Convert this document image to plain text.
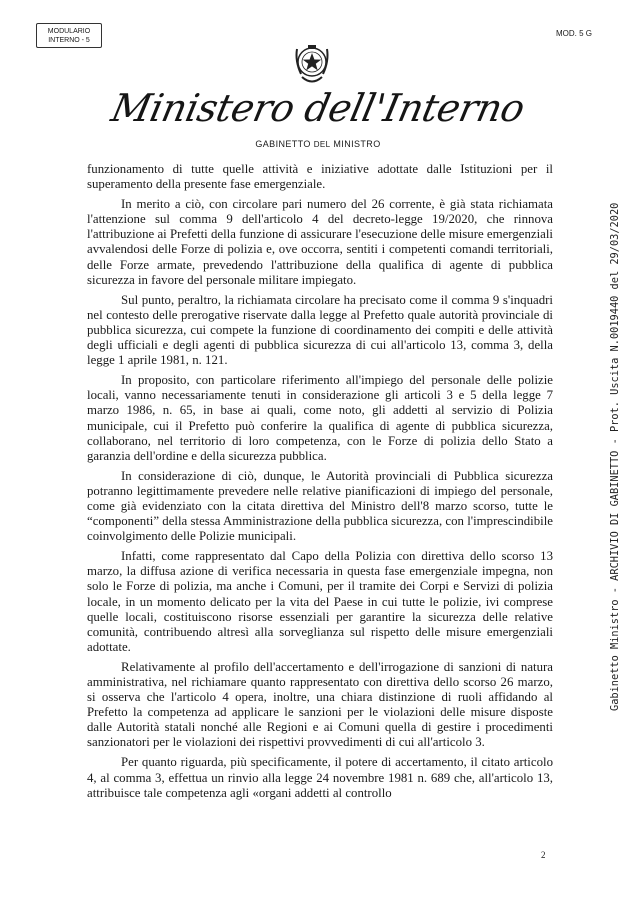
MODULARIO
INTERNO - 5
MOD. 5 G
Ministero dell'Interno
GABINETTO DEL MINISTRO
Gabinetto Ministro - ARCHIVIO DI GABINETTO - Prot. Uscita N.0019440 del 29/03/2020

funzionamento di tutte quelle attività e iniziative adottate dalle Istituzioni per il superamento della presente fase emergenziale.

In merito a ciò, con circolare pari numero del 26 corrente, è già stata richiamata l'attenzione sul comma 9 dell'articolo 4 del decreto-legge 19/2020, che rinnova l'attribuzione ai Prefetti della funzione di assicurare l'esecuzione delle misure emergenziali avvalendosi delle Forze di polizia e, ove occorra, sentiti i competenti comandi territoriali, delle Forze armate, prevedendo l'attribuzione della qualifica di agente di pubblica sicurezza in favore del personale militare impiegato.

Sul punto, peraltro, la richiamata circolare ha precisato come il comma 9 s'inquadri nel contesto delle prerogative riservate dalla legge al Prefetto quale autorità provinciale di pubblica sicurezza, cui compete la funzione di coordinamento dei compiti e delle attività degli ufficiali e degli agenti di pubblica sicurezza di cui all'articolo 13, comma 3, della legge 1 aprile 1981, n. 121.

In proposito, con particolare riferimento all'impiego del personale delle polizie locali, vanno necessariamente tenuti in considerazione gli articoli 3 e 5 della legge 7 marzo 1986, n. 65, in base ai quali, come noto, gli addetti al servizio di Polizia municipale, cui il Prefetto può conferire la qualifica di agente di pubblica sicurezza, collaborano, nel territorio di loro competenza, con le Forze di polizia dello Stato a garanzia dell'ordine e della sicurezza pubblica.

In considerazione di ciò, dunque, le Autorità provinciali di Pubblica sicurezza potranno legittimamente prevedere nelle relative pianificazioni di impiego del personale, come già evidenziato con la citata direttiva del Ministro dell'8 marzo scorso, tutte le “componenti” della stessa Amministrazione della pubblica sicurezza, con l'imprescindibile coinvolgimento delle Polizie municipali.

Infatti, come rappresentato dal Capo della Polizia con direttiva dello scorso 13 marzo, la diffusa azione di verifica necessaria in questa fase emergenziale impegna, non solo le Forze di polizia, ma anche i Comuni, per il tramite dei Corpi e Servizi di polizia locale, in un momento delicato per la vita del Paese in cui tutte le polizie, ivi comprese quelle locali, costituiscono risorse essenziali per garantire la sicurezza delle relative comunità, contribuendo altresì alla sorveglianza sul rispetto delle misure emergenziali adottate.

Relativamente al profilo dell'accertamento e dell'irrogazione di sanzioni di natura amministrativa, nel richiamare quanto rappresentato con direttiva dello scorso 26 marzo, si osserva che l'articolo 4 opera, inoltre, una chiara distinzione di ruoli affidando al Prefetto la competenza ad applicare le sanzioni per le violazioni delle misure disposte dalle Autorità statali nonché alle Regioni e ai Comuni quella di gestire i procedimenti sanzionatori per le violazioni dei rispettivi provvedimenti di cui all'articolo 3.

Per quanto riguarda, più specificamente, il potere di accertamento, il citato articolo 4, al comma 3, effettua un rinvio alla legge 24 novembre 1981 n. 689 che, all'articolo 13, attribuisce tale competenza agli «organi addetti al controllo

2
